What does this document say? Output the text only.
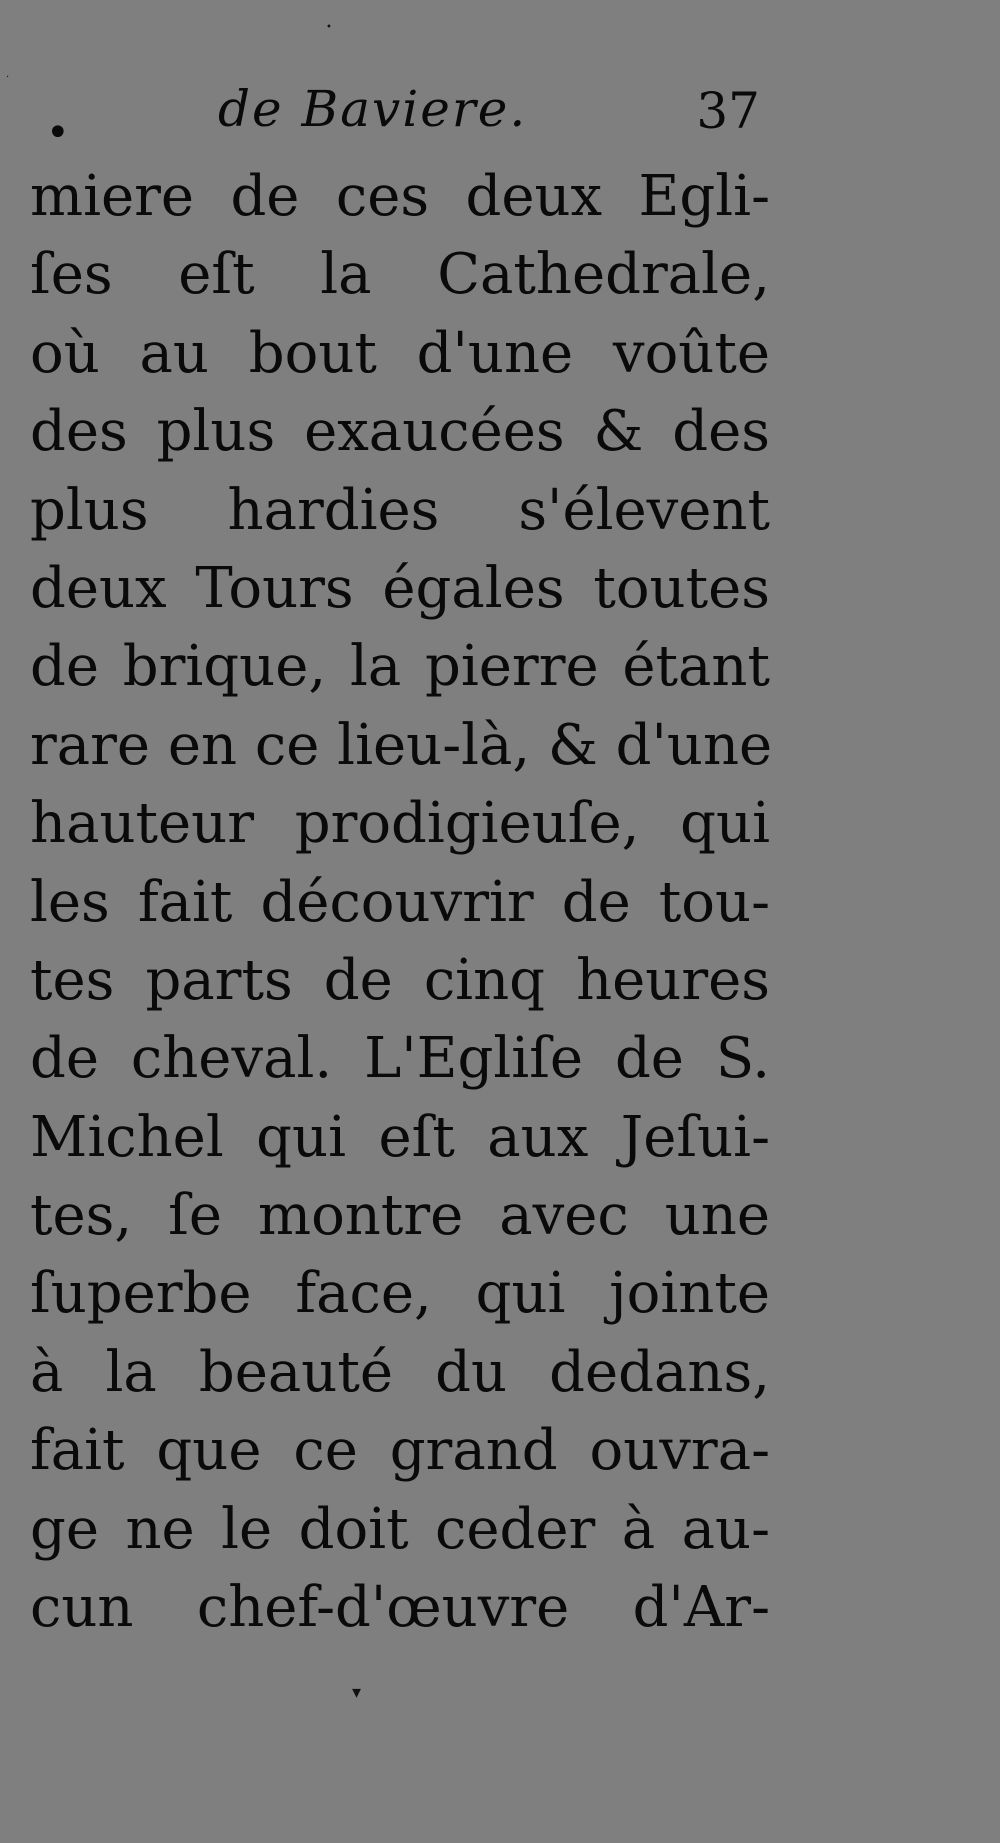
•	de Baviere.	37
miere de ces deux Egli-
ſes eſt la Cathedrale,
où au bout d'une voûte
des plus exaucées & des
plus hardies s'élevent
deux Tours égales toutes
de brique, la pierre étant
rare en ce lieu-là, & d'une
hauteur prodigieuſe, qui
les fait découvrir de tou-
tes parts de cinq heures
de cheval. L'Egliſe de S.
Michel qui eſt aux Jeſui-
tes, ſe montre avec une
ſuperbe face, qui jointe
à la beauté du dedans,
fait que ce grand ouvra-
ge ne le doit ceder à au-
cun chef-d'œuvre d'Ar-
▾
•
·
